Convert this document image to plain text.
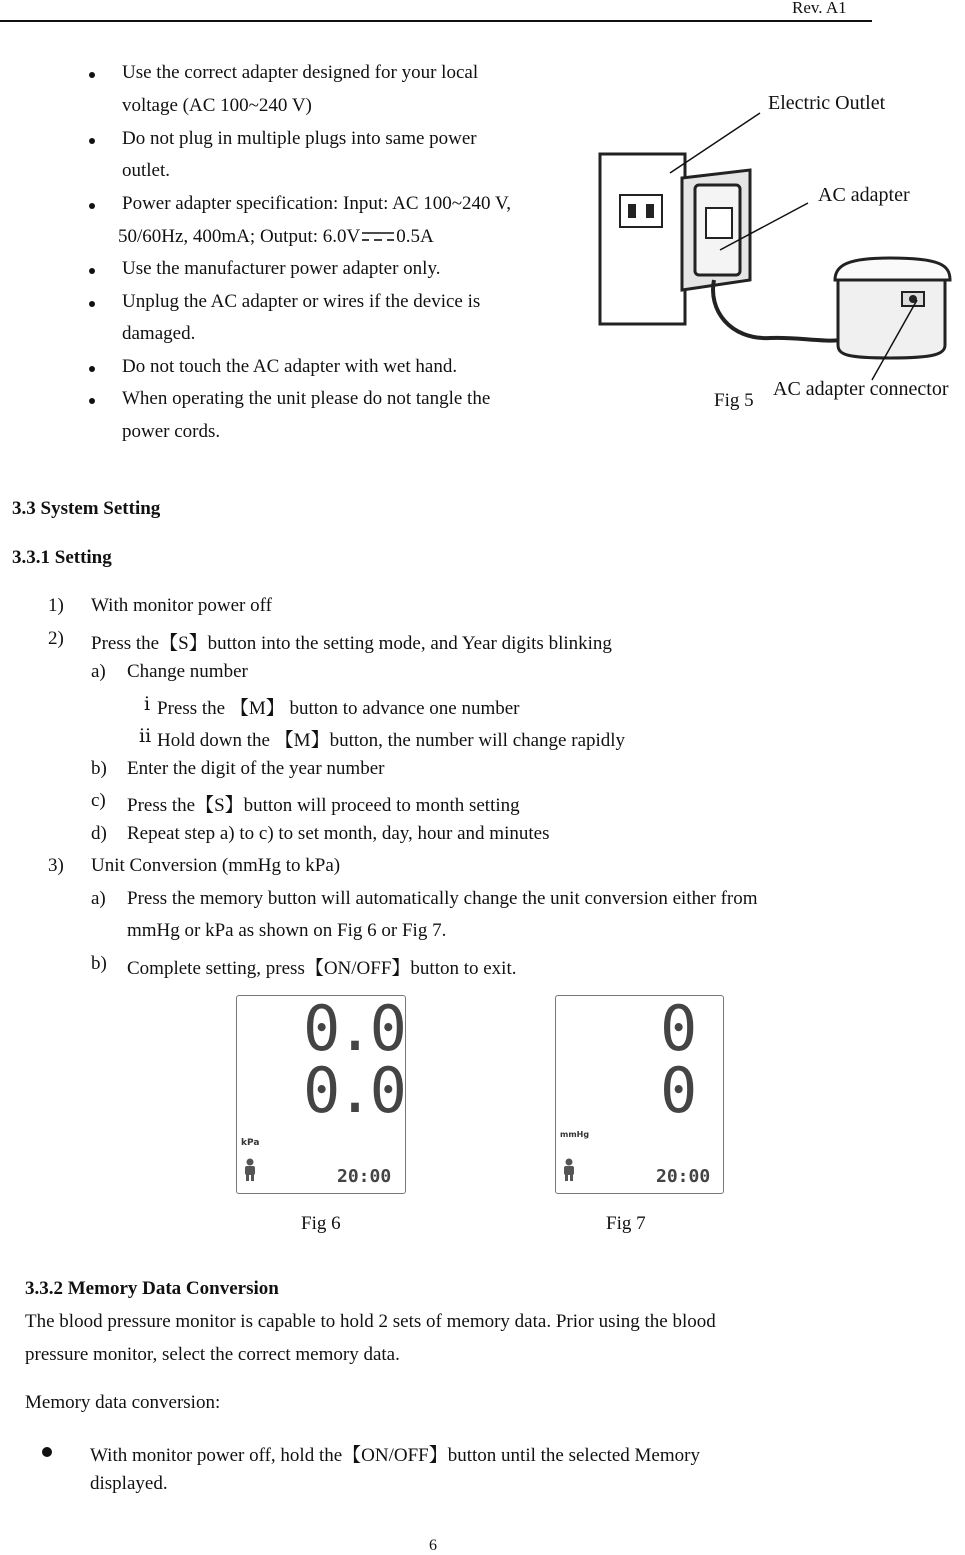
Rev. A1
Use the correct adapter designed for your local
voltage (AC 100~240 V)
Do not plug in multiple plugs into same power
outlet.
Power adapter specification: Input: AC 100~240 V,
50/60Hz, 400mA; Output: 6.0V 0.5A
Use the manufacturer power adapter only.
Unplug the AC adapter or wires if the device is
damaged.
Do not touch the AC adapter with wet hand.
When operating the unit please do not tangle the
power cords.
Electric Outlet
AC adapter
AC adapter connector
Fig 5
3.3 System Setting
3.3.1 Setting
1) With monitor power off
2) Press the【S】button into the setting mode, and Year digits blinking
a) Change number
ⅰ Press the 【M】 button to advance one number
ⅱ Hold down the 【M】button, the number will change rapidly
b) Enter the digit of the year number
c) Press the【S】button will proceed to month setting
d) Repeat step a) to c) to set month, day, hour and minutes
3) Unit Conversion (mmHg to kPa)
a) Press the memory button will automatically change the unit conversion either from
mmHg or kPa as shown on Fig 6 or Fig 7.
b) Complete setting, press【ON/OFF】button to exit.
0.0
0.0
kPa
20:00
0
0
mmHg
20:00
Fig 6	Fig 7
3.3.2 Memory Data Conversion
The blood pressure monitor is capable to hold 2 sets of memory data. Prior using the blood
pressure monitor, select the correct memory data.
Memory data conversion:
With monitor power off, hold the【ON/OFF】button until the selected Memory
displayed.
6
